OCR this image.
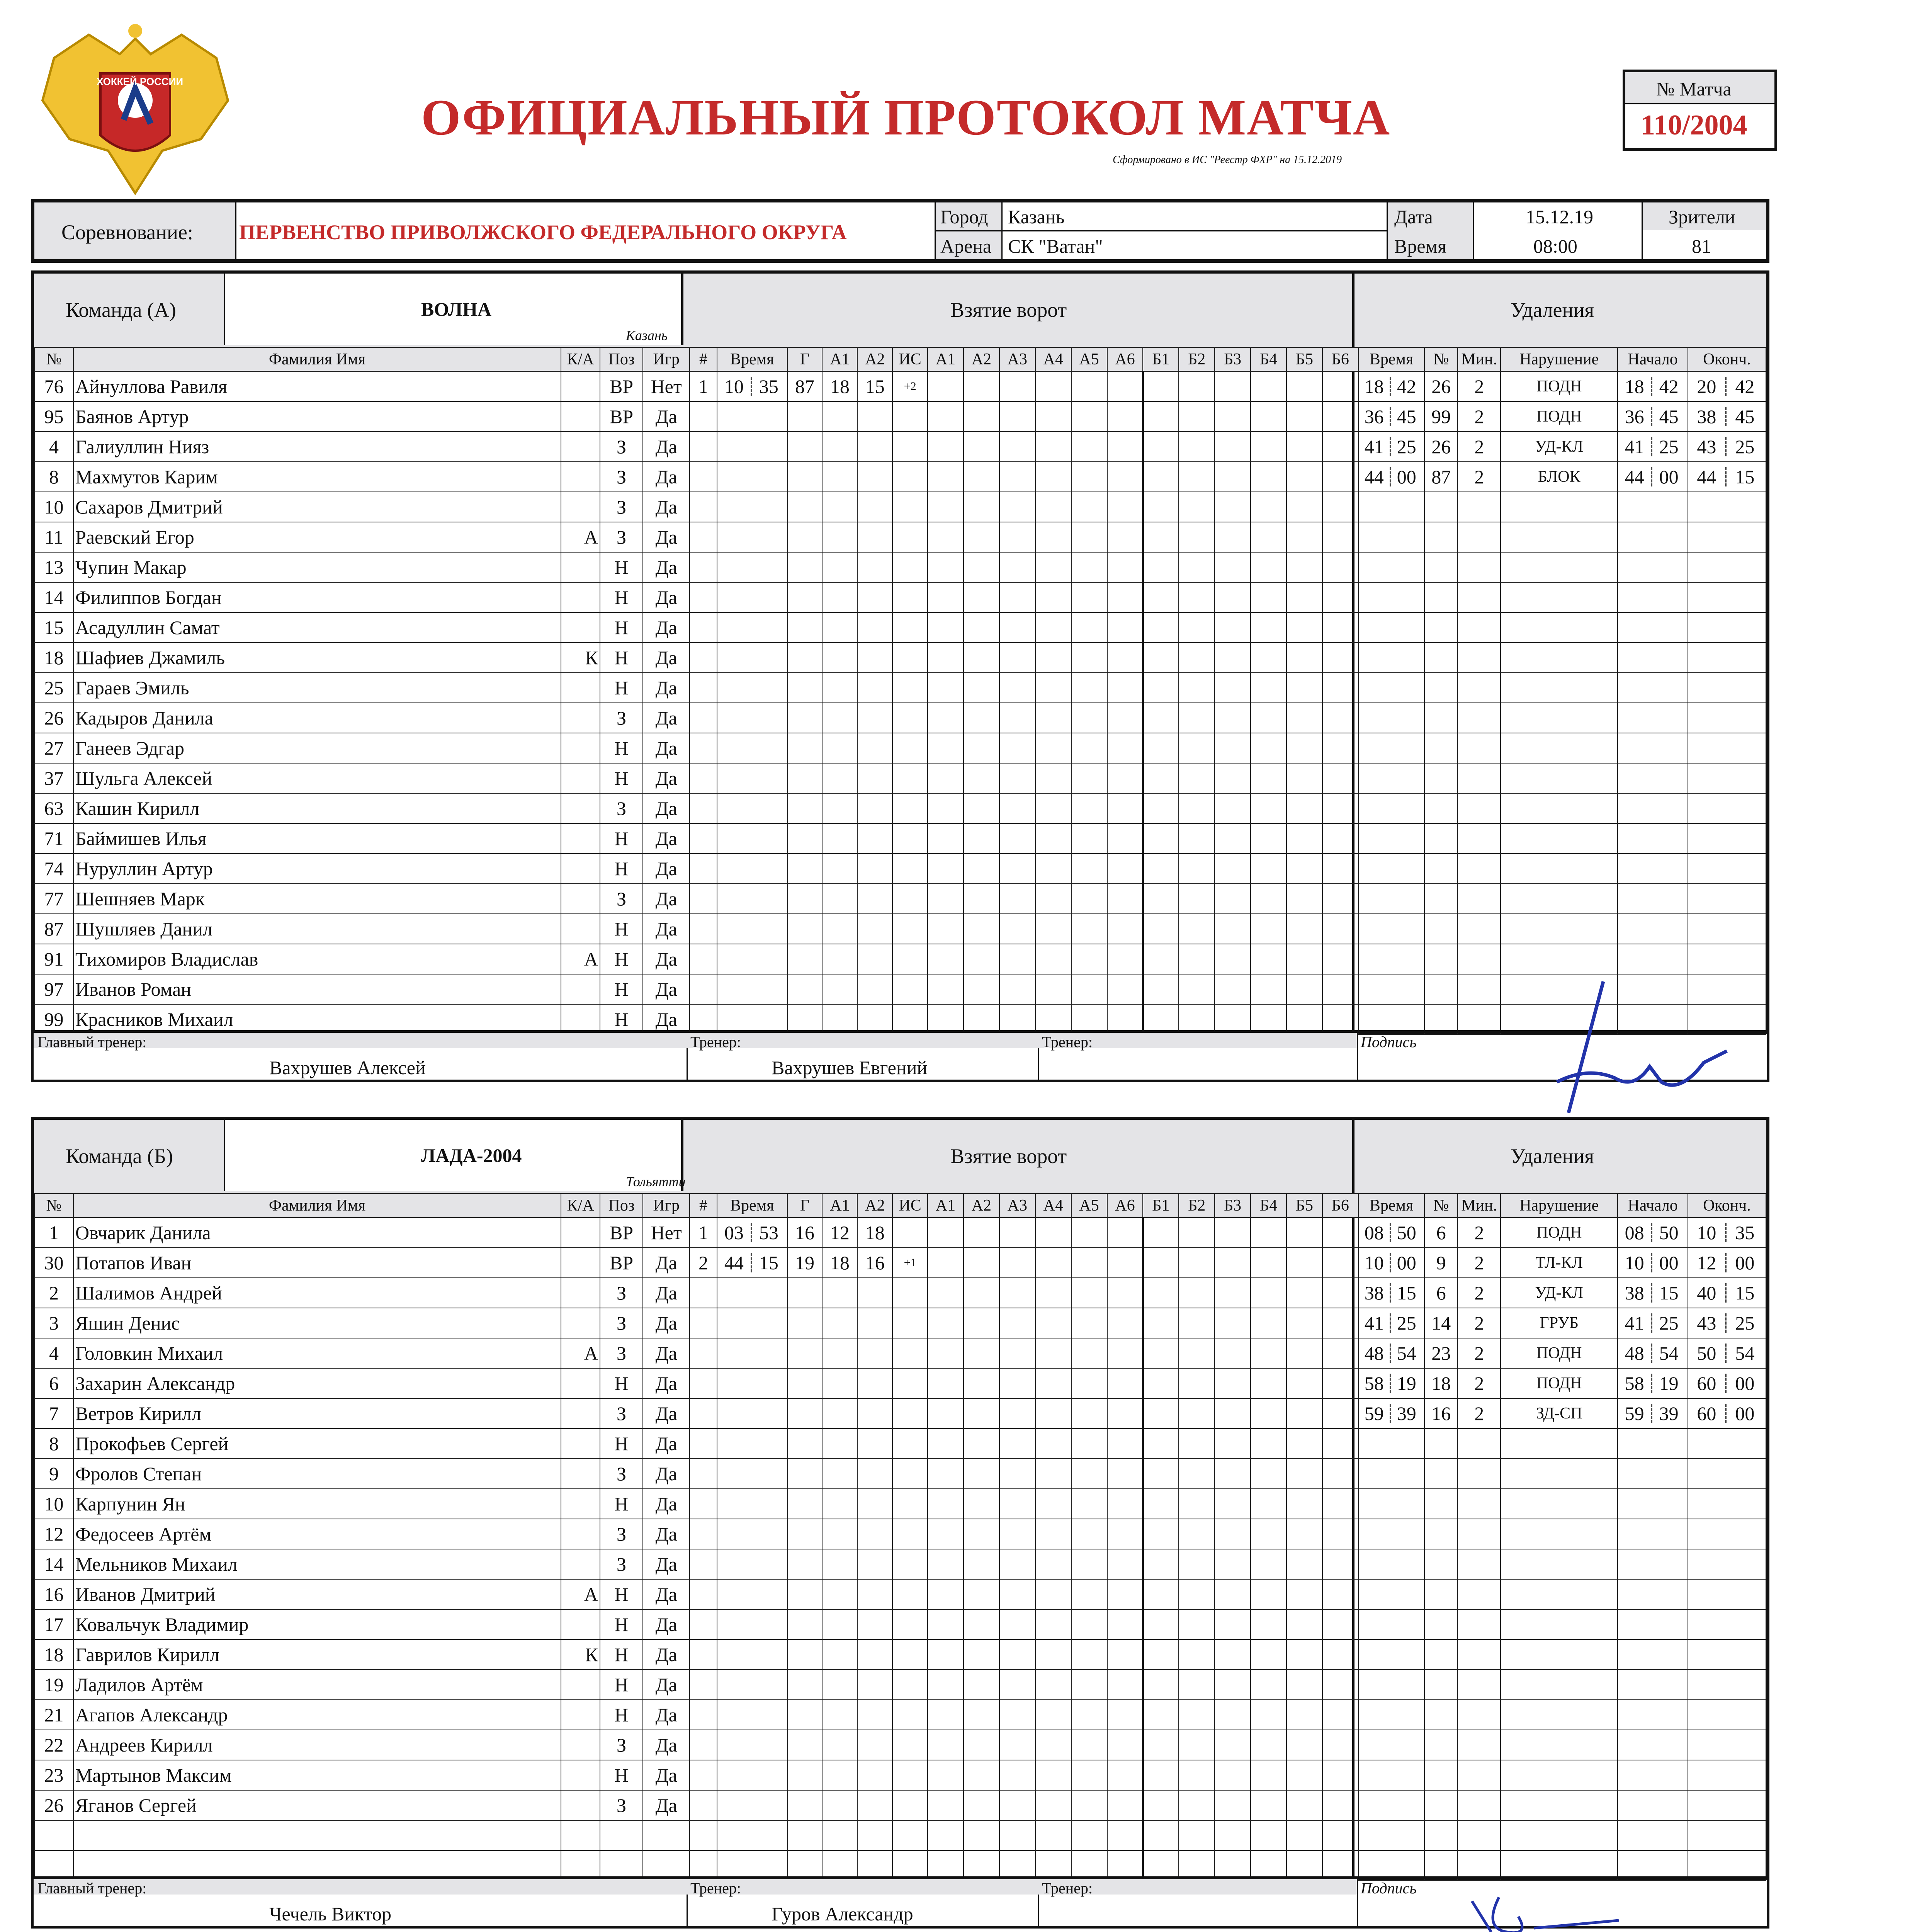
ХОККЕЙ РОССИИ
ОФИЦИАЛЬНЫЙ ПРОТОКОЛ МАТЧА
Сформировано в ИС "Реестр ФХР" на 15.12.2019
№ Матча
110/2004
Соревнование: ПЕРВЕНСТВО ПРИВОЛЖСКОГО ФЕДЕРАЛЬНОГО ОКРУГА
Город Казань
Арена СК "Ватан"
Дата	15.12.19
Время	08:00
Зрители
81
Команда (А)	ВОЛНА
Казань
Взятие ворот	Удаления
№	Фамилия Имя	К/А	Поз	Игр	#	Время	Г	А1	А2	ИС	А1	А2	А3	А4	А5	А6	Б1	Б2	Б3	Б4	Б5	Б6	Время	№	Мин.	Нарушение	Начало	Оконч.
76	Айнуллова Равиля		ВР	Нет	1	10 35	87	18	15	+2													18 42	26	2	ПОДН	18 42	20 42
95	Баянов Артур		ВР	Да																			36 45	99	2	ПОДН	36 45	38 45
4	Галиуллин Нияз		З	Да																			41 25	26	2	УД-КЛ	41 25	43 25
8	Махмутов Карим		З	Да																			44 00	87	2	БЛОК	44 00	44 15
10	Сахаров Дмитрий		З	Да																								
11	Раевский Егор	А	З	Да																								
13	Чупин Макар		Н	Да																								
14	Филиппов Богдан		Н	Да																								
15	Асадуллин Самат		Н	Да																								
18	Шафиев Джамиль	К	Н	Да																								
25	Гараев Эмиль		Н	Да																								
26	Кадыров Данила		З	Да																								
27	Ганеев Эдгар		Н	Да																								
37	Шульга Алексей		Н	Да																								
63	Кашин Кирилл		З	Да																								
71	Баймишев Илья		Н	Да																								
74	Нуруллин Артур		Н	Да																								
77	Шешняев Марк		З	Да																								
87	Шушляев Данил		Н	Да																								
91	Тихомиров Владислав	А	Н	Да																								
97	Иванов Роман		Н	Да																								
99	Красников Михаил		Н	Да																								
Главный тренер:
Вахрушев Алексей
Тренер:
Вахрушев Евгений
Тренер:	Подпись
Команда (Б)	ЛАДА-2004
Тольятти
Взятие ворот	Удаления
№	Фамилия Имя	К/А	Поз	Игр	#	Время	Г	А1	А2	ИС	А1	А2	А3	А4	А5	А6	Б1	Б2	Б3	Б4	Б5	Б6	Время	№	Мин.	Нарушение	Начало	Оконч.
1	Овчарик Данила		ВР	Нет	1	03 53	16	12	18														08 50	6	2	ПОДН	08 50	10 35
30	Потапов Иван		ВР	Да	2	44 15	19	18	16	+1													10 00	9	2	ТЛ-КЛ	10 00	12 00
2	Шалимов Андрей		З	Да																			38 15	6	2	УД-КЛ	38 15	40 15
3	Яшин Денис		З	Да																			41 25	14	2	ГРУБ	41 25	43 25
4	Головкин Михаил	А	З	Да																			48 54	23	2	ПОДН	48 54	50 54
6	Захарин Александр		Н	Да																			58 19	18	2	ПОДН	58 19	60 00
7	Ветров Кирилл		З	Да																			59 39	16	2	ЗД-СП	59 39	60 00
8	Прокофьев Сергей		Н	Да																								
9	Фролов Степан		З	Да																								
10	Карпунин Ян		Н	Да																								
12	Федосеев Артём		З	Да																								
14	Мельников Михаил		З	Да																								
16	Иванов Дмитрий	А	Н	Да																								
17	Ковальчук Владимир		Н	Да																								
18	Гаврилов Кирилл	К	Н	Да																								
19	Ладилов Артём		Н	Да																								
21	Агапов Александр		Н	Да																								
22	Андреев Кирилл		З	Да																								
23	Мартынов Максим		Н	Да																								
26	Яганов Сергей		З	Да																								

Главный тренер:
Чечель Виктор
Тренер:
Гуров Александр
Тренер:	Подпись
